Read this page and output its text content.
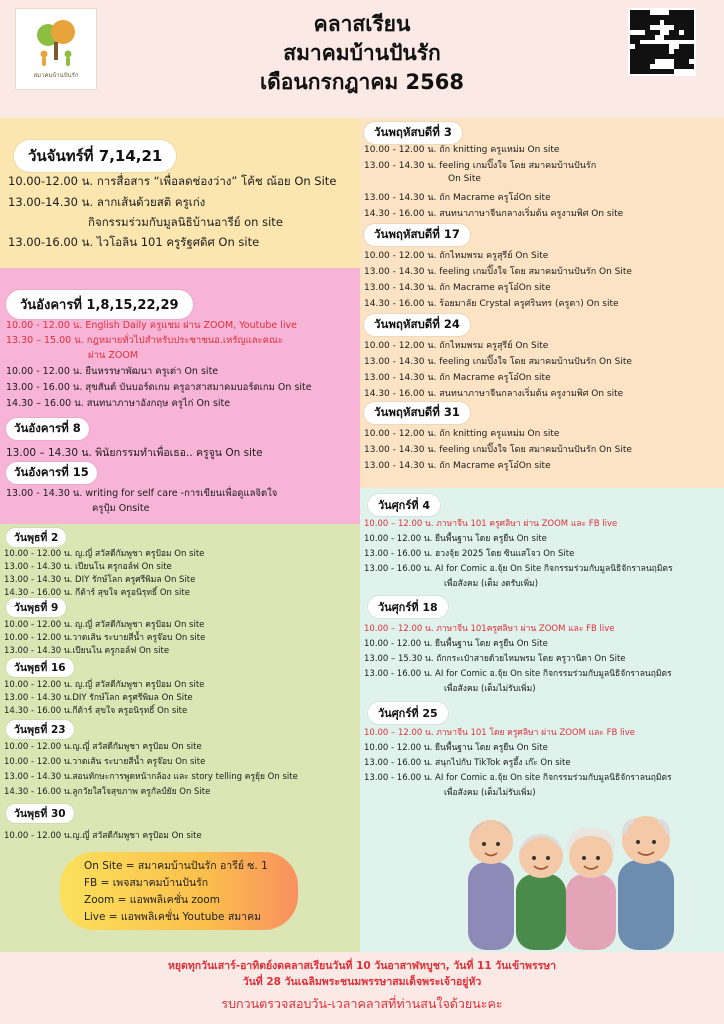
สมาคมบ้านปันรัก
คลาสเรียน
สมาคมบ้านปันรัก
เดือนกรกฎาคม 2568
วันจันทร์ที่ 7,14,21
10.00-12.00 น. การสื่อสาร “เพื่อลดช่องว่าง” โค้ช ณ้อย On Site
13.00-14.30 น. ลากเส้นด้วยสติ ครูเก่ง
กิจกรรมร่วมกับมูลนิธิบ้านอารีย์ on site
13.00-16.00 น. ไวโอลิน 101 ครูรัฐศดิศ On site
วันอังคารที่ 1,8,15,22,29
10.00 - 12.00 น. English Daily ครูแชม ผ่าน ZOOM, Youtube live
13.30 – 15.00 น. กฎหมายทั่วไปสำหรับประชาชนอ.เหรัญและคณะ
ผ่าน ZOOM
10.00 - 12.00 น. ยืนหรรษาพัฒนา ครูเต่า On site
13.00 - 16.00 น. สุขสันต์ บันบอร์ดเกม ครูอาสาสมาคมบอร์ดเกม On site
14.30 – 16.00 น. สนทนาภาษาอังกฤษ ครูไก่ On site
วันอังคารที่ 8
13.00 – 14.30 น. พินัยกรรมทำเพื่อเธอ.. ครูจูน On site
วันอังคารที่ 15
13.00 - 14.30 น. writing for self care -การเขียนเพื่อดูแลจิตใจ
ครูปุ้ม Onsite
วันพุธที่ 2
10.00 - 12.00 น. ญ.ญี่ สวัสดีกัมพูชา ครูป้อม On site
13.00 - 14.30 น. เปียนโน ครูกอล์ฟ On site
13.00 - 14.30 น. DIY รักษ์โลก ครูศรีพิมล On Site
14.30 - 16.00 น. กีต้าร์ สุขใจ ครูอนิรุทธิ์ On site
วันพุธที่ 9
10.00 - 12.00 น. ญ.ญี่ สวัสดีกัมพูชา ครูป้อม On site
10.00 - 12.00 น.วาดเส้น ระบายสีน้ำ ครูจ๊อบ On site
13.00 - 14.30 น.เปียนโน ครูกอล์ฟ On site
วันพุธที่ 16
10.00 - 12.00 น. ญ.ญี่ สวัสดีกัมพูชา ครูป้อม On site
13.00 - 14.30 น.DIY รักษ์โลก ครูศรีพิมล On Site
14.30 - 16.00 น.กีต้าร์ สุขใจ ครูอนิรุทธิ์ On site
วันพุธที่ 23
10.00 - 12.00 น.ญ.ญี่ สวัสดีกัมพูชา ครูป้อม On site
10.00 - 12.00 น.วาดเส้น ระบายสีน้ำ ครูจ๊อบ On site
13.00 - 14.30 น.สอนทักษะการพูดหน้ากล้อง และ story telling ครูยุ้ย On site
14.30 - 16.00 น.ลูกวัยใสใจสุขภาพ ครูกัลป์ยัย On Site
วันพุธที่ 30
10.00 - 12.00 น.ญ.ญี่ สวัสดีกัมพูชา ครูป้อม On site
On Site = สมาคมบ้านปันรัก อารีย์ ซ. 1
FB = เพจสมาคมบ้านปันรัก
Zoom = แอพพลิเคชั่น zoom
Live = แอพพลิเคชั่น Youtube สมาคม
วันพฤหัสบดีที่ 3
10.00 - 12.00 น. ถัก knitting ครูแหม่ม On site
13.00 - 14.30 น. feeling เกมปิ๊งใจ โดย สมาคมบ้านปันรัก
On Site
13.00 - 14.30 น. ถัก Macrame ครูโอ๋On site
14.30 - 16.00 น. สนทนาภาษาจีนกลางเริ่มต้น ครูงามพิศ On site
วันพฤหัสบดีที่ 17
10.00 - 12.00 น. ถักไหมพรม ครูสุรีย์ On Site
13.00 - 14.30 น. feeling เกมปิ๊งใจ โดย สมาคมบ้านปันรัก On Site
13.00 - 14.30 น. ถัก Macrame ครูโอ๋On site
14.30 - 16.00 น. ร้อยมาลัย Crystal ครูศรินทร (ครูตา) On site
วันพฤหัสบดีที่ 24
10.00 - 12.00 น. ถักไหมพรม ครูสุรีย์ On Site
13.00 - 14.30 น. feeling เกมปิ๊งใจ โดย สมาคมบ้านปันรัก On Site
13.00 - 14.30 น. ถัก Macrame ครูโอ๋On site
14.30 - 16.00 น. สนทนาภาษาจีนกลางเริ่มต้น ครูงามพิศ On site
วันพฤหัสบดีที่ 31
10.00 - 12.00 น. ถัก knitting ครูแหม่ม On site
13.00 - 14.30 น. feeling เกมปิ๊งใจ โดย สมาคมบ้านปันรัก On Site
13.00 - 14.30 น. ถัก Macrame ครูโอ๋On site
วันศุกร์ที่ 4
10.00 – 12.00 น. ภาษาจีน 101 ครูศลิษา ผ่าน ZOOM และ FB live
10.00 - 12.00 น. ยืนพื้นฐาน โดย ครูยืน On site
13.00 - 16.00 น. ฮวงจุ้ย 2025 โดย ซินแสโจว On Site
13.00 - 16.00 น. AI for Comic อ.จุ้ย On Site กิจกรรมร่วมกับมูลนิธิจักราลนฤมิตร
เพื่อสังคม (เต็ม งดรับเพิ่ม)
วันศุกร์ที่ 18
10.00 – 12.00 น. ภาษาจีน 101ครูศลิษา ผ่าน ZOOM และ FB live
10.00 - 12.00 น. ยืนพื้นฐาน โดย ครูยืน On Site
13.00 – 15.30 น. ถักกระเป๋าสายด้วยไหมพรม โดย ครูวานิดา On Site
13.00 - 16.00 น. AI for Comic อ.จุ้ย On site กิจกรรมร่วมกับมูลนิธิจักราลนฤมิตร
เพื่อสังคม (เต็มไม่รับเพิ่ม)
วันศุกร์ที่ 25
10.00 – 12.00 น. ภาษาจีน 101 โดย ครูศลิษา ผ่าน ZOOM และ FB live
10.00 - 12.00 น. ยืนพื้นฐาน โดย ครูยืน On Site
13.00 - 16.00 น. สนุกไปกับ TikTok ครูอึ้ง เก๊ะ On site
13.00 - 16.00 น. AI for Comic อ.จุ้ย On site กิจกรรมร่วมกับมูลนิธิจักราลนฤมิตร
เพื่อสังคม (เต็มไม่รับเพิ่ม)
หยุดทุกวันเสาร์-อาทิตย์งดคลาสเรียนวันที่ 10 วันอาสาฬหบูชา, วันที่ 11 วันเข้าพรรษา
วันที่ 28 วันเฉลิมพระชนมพรรษาสมเด็จพระเจ้าอยู่หัว
รบกวนตรวจสอบวัน-เวลาคลาสที่ท่านสนใจด้วยนะคะ
